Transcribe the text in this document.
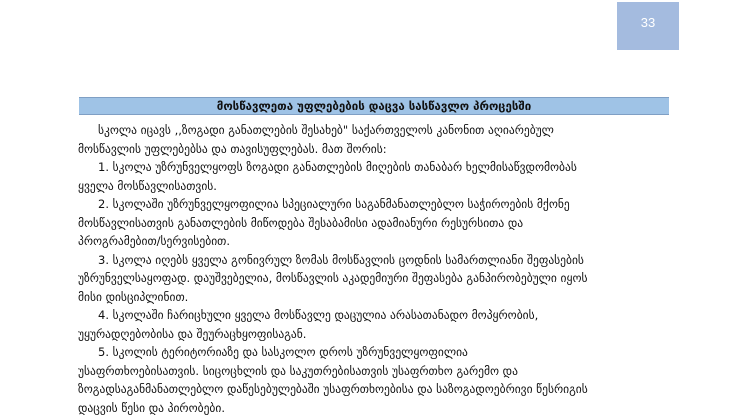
33
მოსწავლეთა უფლებების დაცვა სასწავლო პროცესში
სკოლა იცავს ,,ზოგადი განათლების შესახებ" საქართველოს კანონით აღიარებულ
მოსწავლის უფლებებსა და თავისუფლებას. მათ შორის:
1. სკოლა უზრუნველყოფს ზოგადი განათლების მიღების თანაბარ ხელმისაწვდომობას
ყველა მოსწავლისათვის.
2. სკოლაში უზრუნველყოფილია სპეციალური საგანმანათლებლო საჭიროების მქონე
მოსწავლისათვის განათლების მიწოდება შესაბამისი ადამიანური რესურსითა და
პროგრამებით/სერვისებით.
3. სკოლა იღებს ყველა გონივრულ ზომას მოსწავლის ცოდნის სამართლიანი შეფასების
უზრუნველსაყოფად. დაუშვებელია, მოსწავლის აკადემიური შეფასება განპირობებული იყოს
მისი დისციპლინით.
4. სკოლაში ჩარიცხული ყველა მოსწავლე დაცულია არასათანადო მოპყრობის,
უყურადღებობისა და შეურაცხყოფისაგან.
5. სკოლის ტერიტორიაზე და სასკოლო დროს უზრუნველყოფილია
უსაფრთხოებისათვის. სიცოცხლის და საკუთრებისათვის უსაფრთხო გარემო და
ზოგადსაგანმანათლებლო დაწესებულებაში უსაფრთხოებისა და საზოგადოებრივი წესრიგის
დაცვის წესი და პირობები.
